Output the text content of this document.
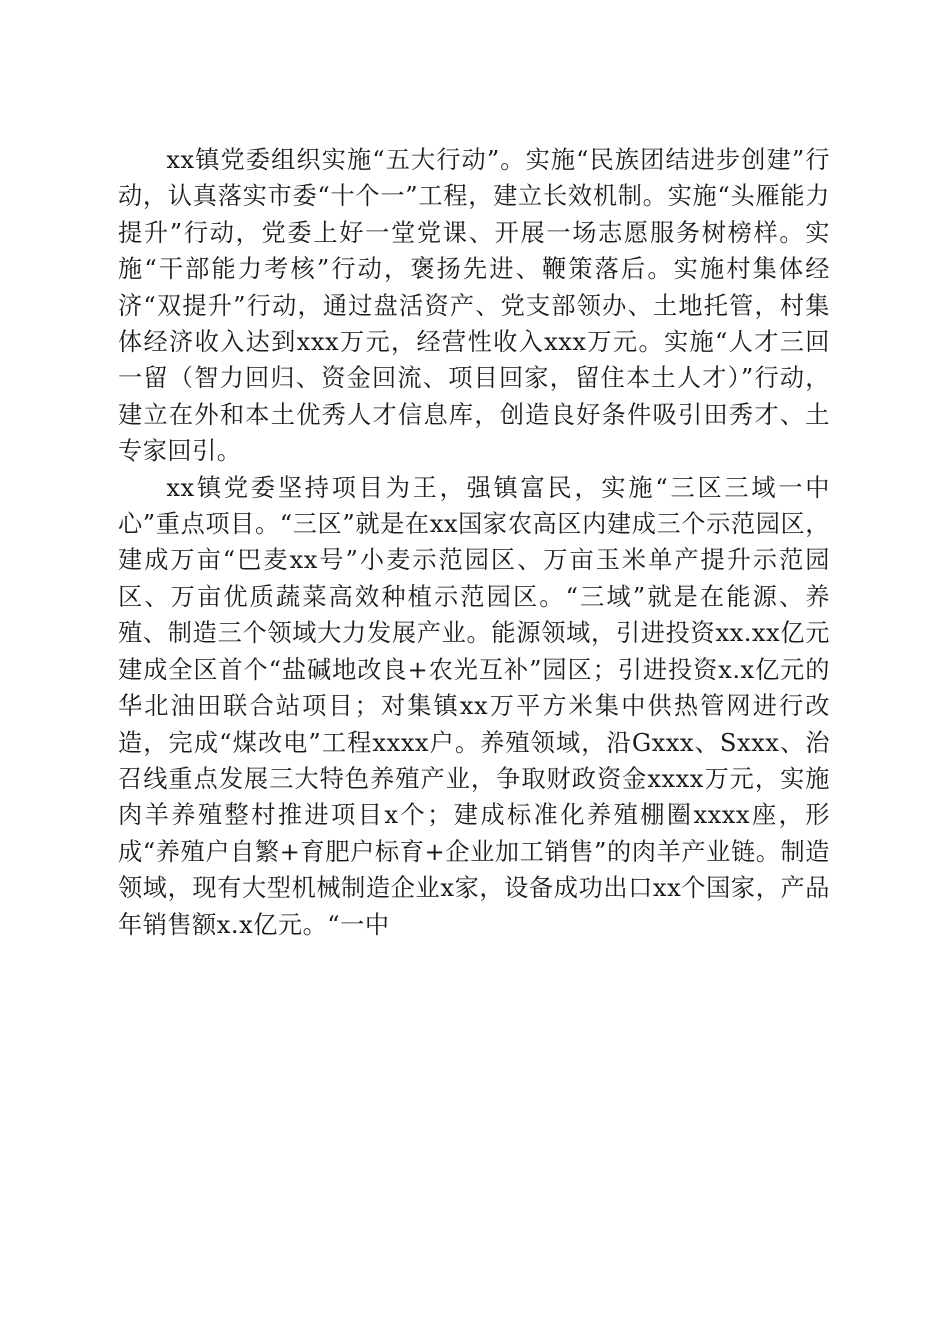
xx镇党委组织实施“五大行动”。实施“民族团结进步创建”行动，认真落实市委“十个一”工程，建立长效机制。实施“头雁能力提升”行动，党委上好一堂党课、开展一场志愿服务树榜样。实施“干部能力考核”行动，褒扬先进、鞭策落后。实施村集体经济“双提升”行动，通过盘活资产、党支部领办、土地托管，村集体经济收入达到xxx万元，经营性收入xxx万元。实施“人才三回一留（智力回归、资金回流、项目回家，留住本土人才）”行动，建立在外和本土优秀人才信息库，创造良好条件吸引田秀才、土专家回引。

xx镇党委坚持项目为王，强镇富民，实施“三区三域一中心”重点项目。“三区”就是在xx国家农高区内建成三个示范园区，建成万亩“巴麦xx号”小麦示范园区、万亩玉米单产提升示范园区、万亩优质蔬菜高效种植示范园区。“三域”就是在能源、养殖、制造三个领域大力发展产业。能源领域，引进投资xx.xx亿元建成全区首个“盐碱地改良+农光互补”园区；引进投资x.x亿元的华北油田联合站项目；对集镇xx万平方米集中供热管网进行改造，完成“煤改电”工程xxxx户。养殖领域，沿Gxxx、Sxxx、治召线重点发展三大特色养殖产业，争取财政资金xxxx万元，实施肉羊养殖整村推进项目x个；建成标准化养殖棚圈xxxx座，形成“养殖户自繁+育肥户标育+企业加工销售”的肉羊产业链。制造领域，现有大型机械制造企业x家，设备成功出口xx个国家，产品年销售额x.x亿元。“一中
